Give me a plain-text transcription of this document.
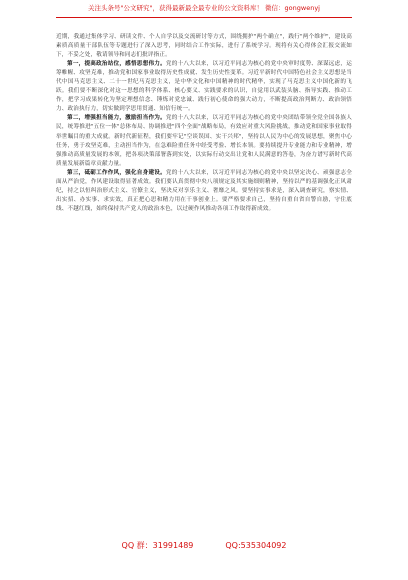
关注头条号"公文研究"，获得最新最全最专业的公文资料库！ 微信：gongwenyj

近期，我通过集体学习、研读文件、个人自学以及交流研讨等方式，围绕拥护"两个确立"，践行"两个维护"，建设高素质高质量干部队伍等专题进行了深入思考，同时结合工作实际，进行了系统学习。现将有关心得体会汇报交流如下，不妥之处，敬请领导和同志们批评指正。

第一，提高政治站位，感悟思想伟力。党的十八大以来，以习近平同志为核心的党中央审时度势、深谋远虑，运筹帷幄、攻坚克难，推动党和国家事业取得历史性成就、发生历史性变革。习近平新时代中国特色社会主义思想是当代中国马克思主义、二十一世纪马克思主义，是中华文化和中国精神的时代精华，实现了马克思主义中国化新的飞跃。我们要不断深化对这一思想的科学体系、核心要义、实践要求的认识，自觉用以武装头脑、指导实践、推动工作，把学习成果转化为坚定理想信念、锤炼对党忠诚、践行初心使命的强大动力，不断提高政治判断力、政治领悟力、政治执行力，切实做到学思用贯通、知信行统一。

第二，增强担当能力，激励担当作为。党的十八大以来，以习近平同志为核心的党中央团结带领全党全国各族人民，统筹推进"五位一体"总体布局、协调推进"四个全面"战略布局，有效应对重大风险挑战，推动党和国家事业取得举世瞩目的重大成就。新时代新征程，我们要牢记"空谈误国、实干兴邦"，坚持以人民为中心的发展思想，聚焦中心任务，勇于攻坚克难，主动担当作为，在急难险重任务中经受考验、增长本领。要持续提升专业能力和专业精神，增强推动高质量发展的本领，把各项决策部署落到实处，以实际行动交出让党和人民满意的答卷，为奋力谱写新时代高质量发展新篇章贡献力量。

第三，砥砺工作作风，强化自身建设。党的十八大以来，以习近平同志为核心的党中央以坚定决心、顽强意志全面从严治党，作风建设取得显著成效。我们要认真贯彻中央八项规定及其实施细则精神，坚持以严的基调强化正风肃纪，持之以恒纠治形式主义、官僚主义，坚决反对享乐主义、奢靡之风。要坚持实事求是，深入调查研究，察实情、出实招、办实事、求实效，真正把心思和精力用在干事创业上。要严格要求自己，坚持自重自省自警自励，守住底线、不越红线，始终保持共产党人的政治本色，以过硬作风推动各项工作取得新成效。

QQ 群：31991489	QQ:535304092
